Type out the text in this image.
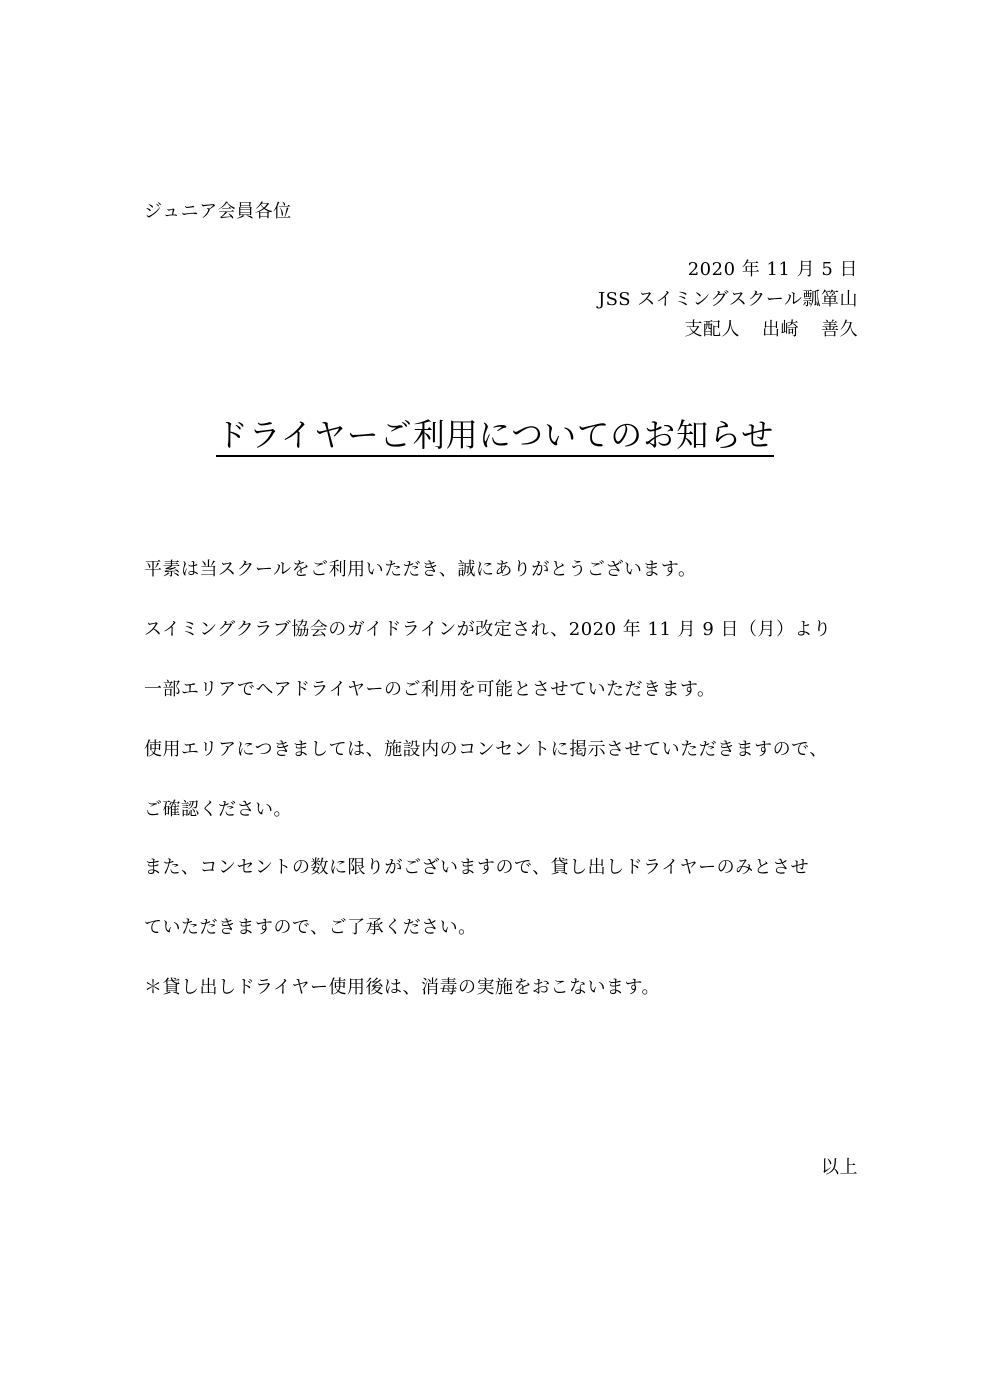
ジュニア会員各位
2020 年 11 月 5 日
JSS スイミングスクール瓢箪山
支配人 出崎 善久
ドライヤーご利用についてのお知らせ
平素は当スクールをご利用いただき、誠にありがとうございます。
スイミングクラブ協会のガイドラインが改定され、2020 年 11 月 9 日（月）より
一部エリアでヘアドライヤーのご利用を可能とさせていただきます。
使用エリアにつきましては、施設内のコンセントに掲示させていただきますので、
ご確認ください。
また、コンセントの数に限りがございますので、貸し出しドライヤーのみとさせ
ていただきますので、ご了承ください。
＊貸し出しドライヤー使用後は、消毒の実施をおこないます。
以上
